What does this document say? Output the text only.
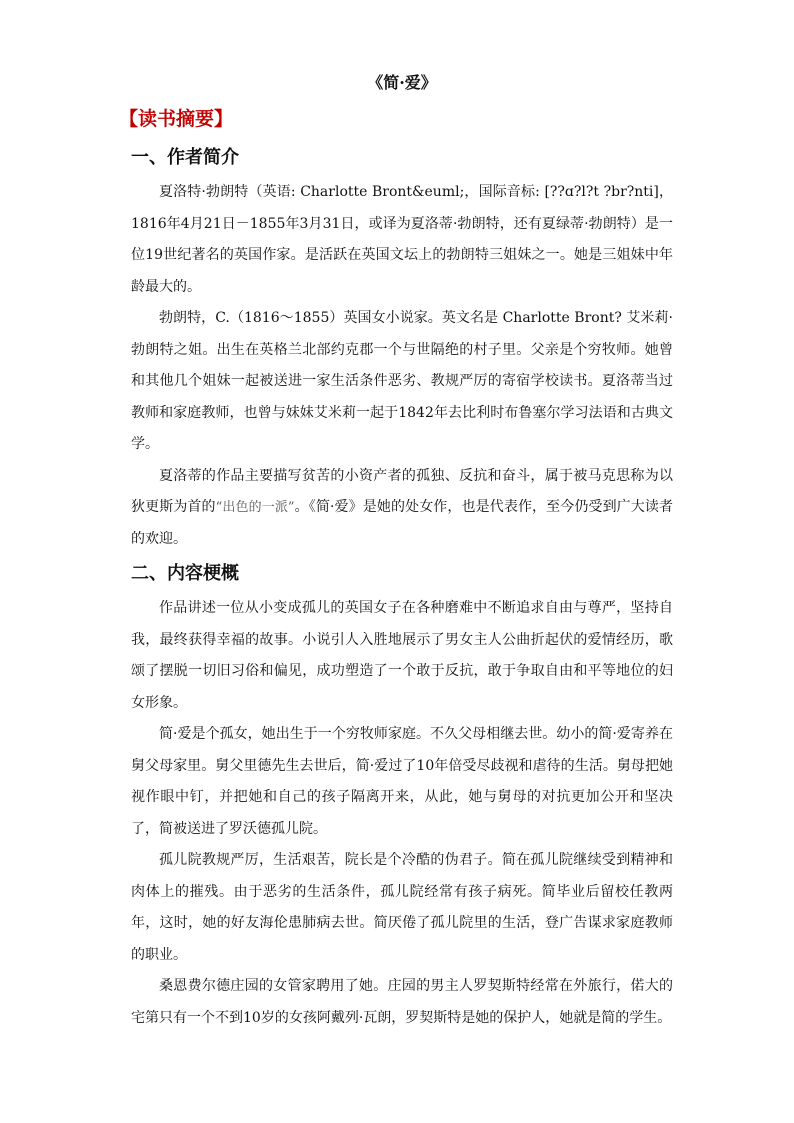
《简·爱》
【读书摘要】
一、作者简介

夏洛特·勃朗特（英语: Charlotte Bront&euml;，国际音标: [??ɑ?l?t ?br?nti]，1816年4月21日－1855年3月31日，或译为夏洛蒂·勃朗特，还有夏绿蒂·勃朗特）是一位19世纪著名的英国作家。是活跃在英国文坛上的勃朗特三姐妹之一。她是三姐妹中年龄最大的。

勃朗特，C.（1816～1855）英国女小说家。英文名是 Charlotte Bront? 艾米莉·勃朗特之姐。出生在英格兰北部约克郡一个与世隔绝的村子里。父亲是个穷牧师。她曾和其他几个姐妹一起被送进一家生活条件恶劣、教规严厉的寄宿学校读书。夏洛蒂当过教师和家庭教师，也曾与妹妹艾米莉一起于1842年去比利时布鲁塞尔学习法语和古典文学。

夏洛蒂的作品主要描写贫苦的小资产者的孤独、反抗和奋斗，属于被马克思称为以狄更斯为首的“出色的一派”。《简·爱》是她的处女作，也是代表作，至今仍受到广大读者的欢迎。

二、内容梗概

作品讲述一位从小变成孤儿的英国女子在各种磨难中不断追求自由与尊严，坚持自我，最终获得幸福的故事。小说引人入胜地展示了男女主人公曲折起伏的爱情经历，歌颂了摆脱一切旧习俗和偏见，成功塑造了一个敢于反抗，敢于争取自由和平等地位的妇女形象。

简·爱是个孤女，她出生于一个穷牧师家庭。不久父母相继去世。幼小的简·爱寄养在舅父母家里。舅父里德先生去世后，简·爱过了10年倍受尽歧视和虐待的生活。舅母把她视作眼中钉，并把她和自己的孩子隔离开来，从此，她与舅母的对抗更加公开和坚决了，简被送进了罗沃德孤儿院。

孤儿院教规严厉，生活艰苦，院长是个冷酷的伪君子。简在孤儿院继续受到精神和肉体上的摧残。由于恶劣的生活条件，孤儿院经常有孩子病死。简毕业后留校任教两年，这时，她的好友海伦患肺病去世。简厌倦了孤儿院里的生活，登广告谋求家庭教师的职业。

桑恩费尔德庄园的女管家聘用了她。庄园的男主人罗契斯特经常在外旅行，偌大的宅第只有一个不到10岁的女孩阿戴列·瓦朗，罗契斯特是她的保护人，她就是简的学生。
